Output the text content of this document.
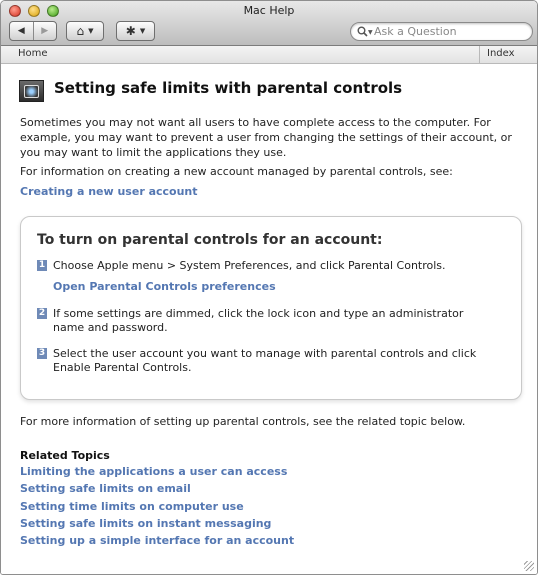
Mac Help
◀ ▶ ⌂ ▼	✱ ▼	▼
Ask a Question
Home	Index
Setting safe limits with parental controls

Sometimes you may not want all users to have complete access to the computer. For example, you may want to prevent a user from changing the settings of their account, or you may want to limit the applications they use.

For information on creating a new account managed by parental controls, see:

Creating a new user account
To turn on parental controls for an account:
1 Choose Apple menu > System Preferences, and click Parental Controls.
Open Parental Controls preferences
2 If some settings are dimmed, click the lock icon and type an administrator name and password.
3 Select the user account you want to manage with parental controls and click Enable Parental Controls.

For more information of setting up parental controls, see the related topic below.

Related Topics
Limiting the applications a user can access
Setting safe limits on email
Setting time limits on computer use
Setting safe limits on instant messaging
Setting up a simple interface for an account
